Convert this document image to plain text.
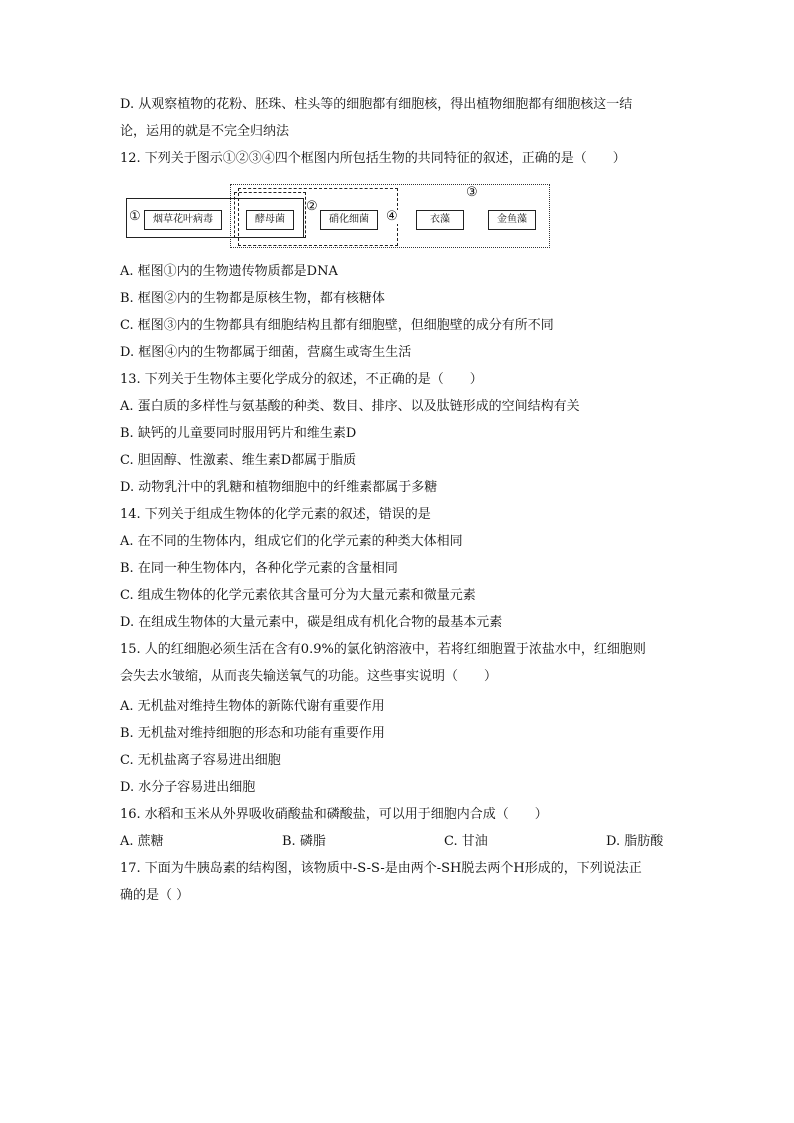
D. 从观察植物的花粉、胚珠、柱头等的细胞都有细胞核，得出植物细胞都有细胞核这一结
论，运用的就是不完全归纳法
12. 下列关于图示①②③④四个框图内所包括生物的共同特征的叙述，正确的是（　　）
A. 框图①内的生物遗传物质都是DNA
B. 框图②内的生物都是原核生物，都有核糖体
C. 框图③内的生物都具有细胞结构且都有细胞壁，但细胞壁的成分有所不同
D. 框图④内的生物都属于细菌，营腐生或寄生生活
13. 下列关于生物体主要化学成分的叙述，不正确的是（　　）
A. 蛋白质的多样性与氨基酸的种类、数目、排序、以及肽链形成的空间结构有关
B. 缺钙的儿童要同时服用钙片和维生素D
C. 胆固醇、性激素、维生素D都属于脂质
D. 动物乳汁中的乳糖和植物细胞中的纤维素都属于多糖
14. 下列关于组成生物体的化学元素的叙述，错误的是
A. 在不同的生物体内，组成它们的化学元素的种类大体相同
B. 在同一种生物体内，各种化学元素的含量相同
C. 组成生物体的化学元素依其含量可分为大量元素和微量元素
D. 在组成生物体的大量元素中，碳是组成有机化合物的最基本元素
15. 人的红细胞必须生活在含有0.9%的氯化钠溶液中，若将红细胞置于浓盐水中，红细胞则
会失去水皱缩，从而丧失输送氧气的功能。这些事实说明（　　）
A. 无机盐对维持生物体的新陈代谢有重要作用
B. 无机盐对维持细胞的形态和功能有重要作用
C. 无机盐离子容易进出细胞
D. 水分子容易进出细胞
16. 水稻和玉米从外界吸收硝酸盐和磷酸盐，可以用于细胞内合成（　　）
17. 下面为牛胰岛素的结构图，该物质中-S-S-是由两个-SH脱去两个H形成的，下列说法正
确的是（ ）
A. 蔗糖	B. 磷脂	C. 甘油	D. 脂肪酸
①
②
③
④
烟草花叶病毒	酵母菌	硝化细菌	衣藻	金鱼藻
